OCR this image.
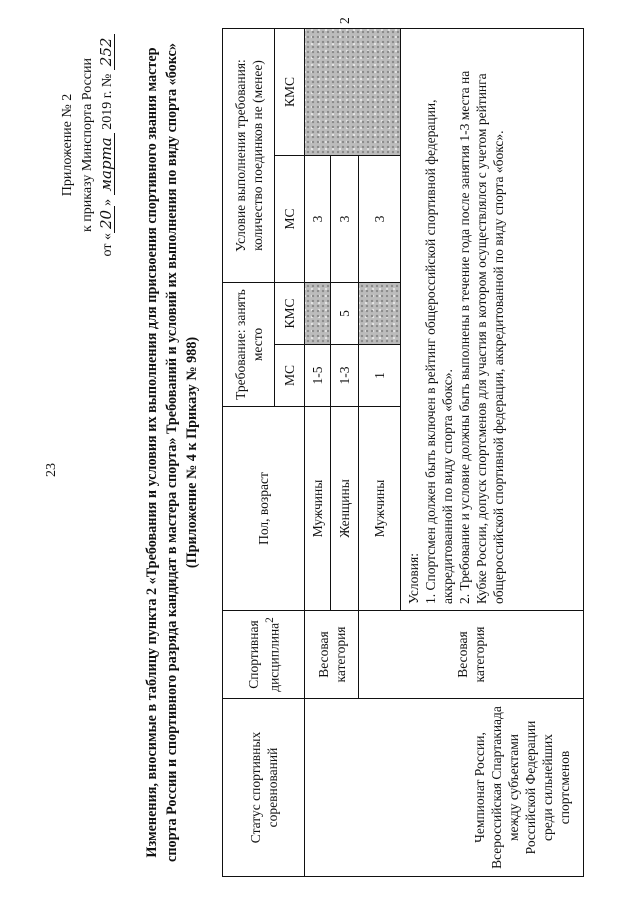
23
Приложение № 2 к приказу Минспорта России
от «20» марта 2019 г. № 252 Изменения, вносимые в таблицу пункта 2 «Требования и условия их выполнения для присвоения спортивного звания мастер спорта России и спортивного разряда кандидат в мастера спорта» Требований и условий их выполнения по виду спорта «бокс» (Приложение № 4 к Приказу № 988)
Статус спортивных соревнований	Спортивная дисциплина$^2$	Пол, возраст	Требование: занять место		Условие выполнения требования: количество поединков не (менее)		
			МС	КМС	МС	КМС	
Чемпионат России, Всероссийская Спартакиада между субъектами Российской Федерации среди сильнейших спортсменов	Весовая категория	Мужчины	1-5		3		
		Женщины	1-3	5	3		2
	Весовая категория	Мужчины	1		3		

		Условия: 1. Спортсмен должен быть включен в рейтинг общероссийской спортивной федерации, аккредитованной по виду спорта «бокс». 2. Требование и условие должны быть выполнены в течение года после занятия 1-3 места на Кубке России, допуск спортсменов для участия в котором осуществлялся с учетом рейтинга общероссийской спортивной федерации, аккредитованной по виду спорта «бокс».					
